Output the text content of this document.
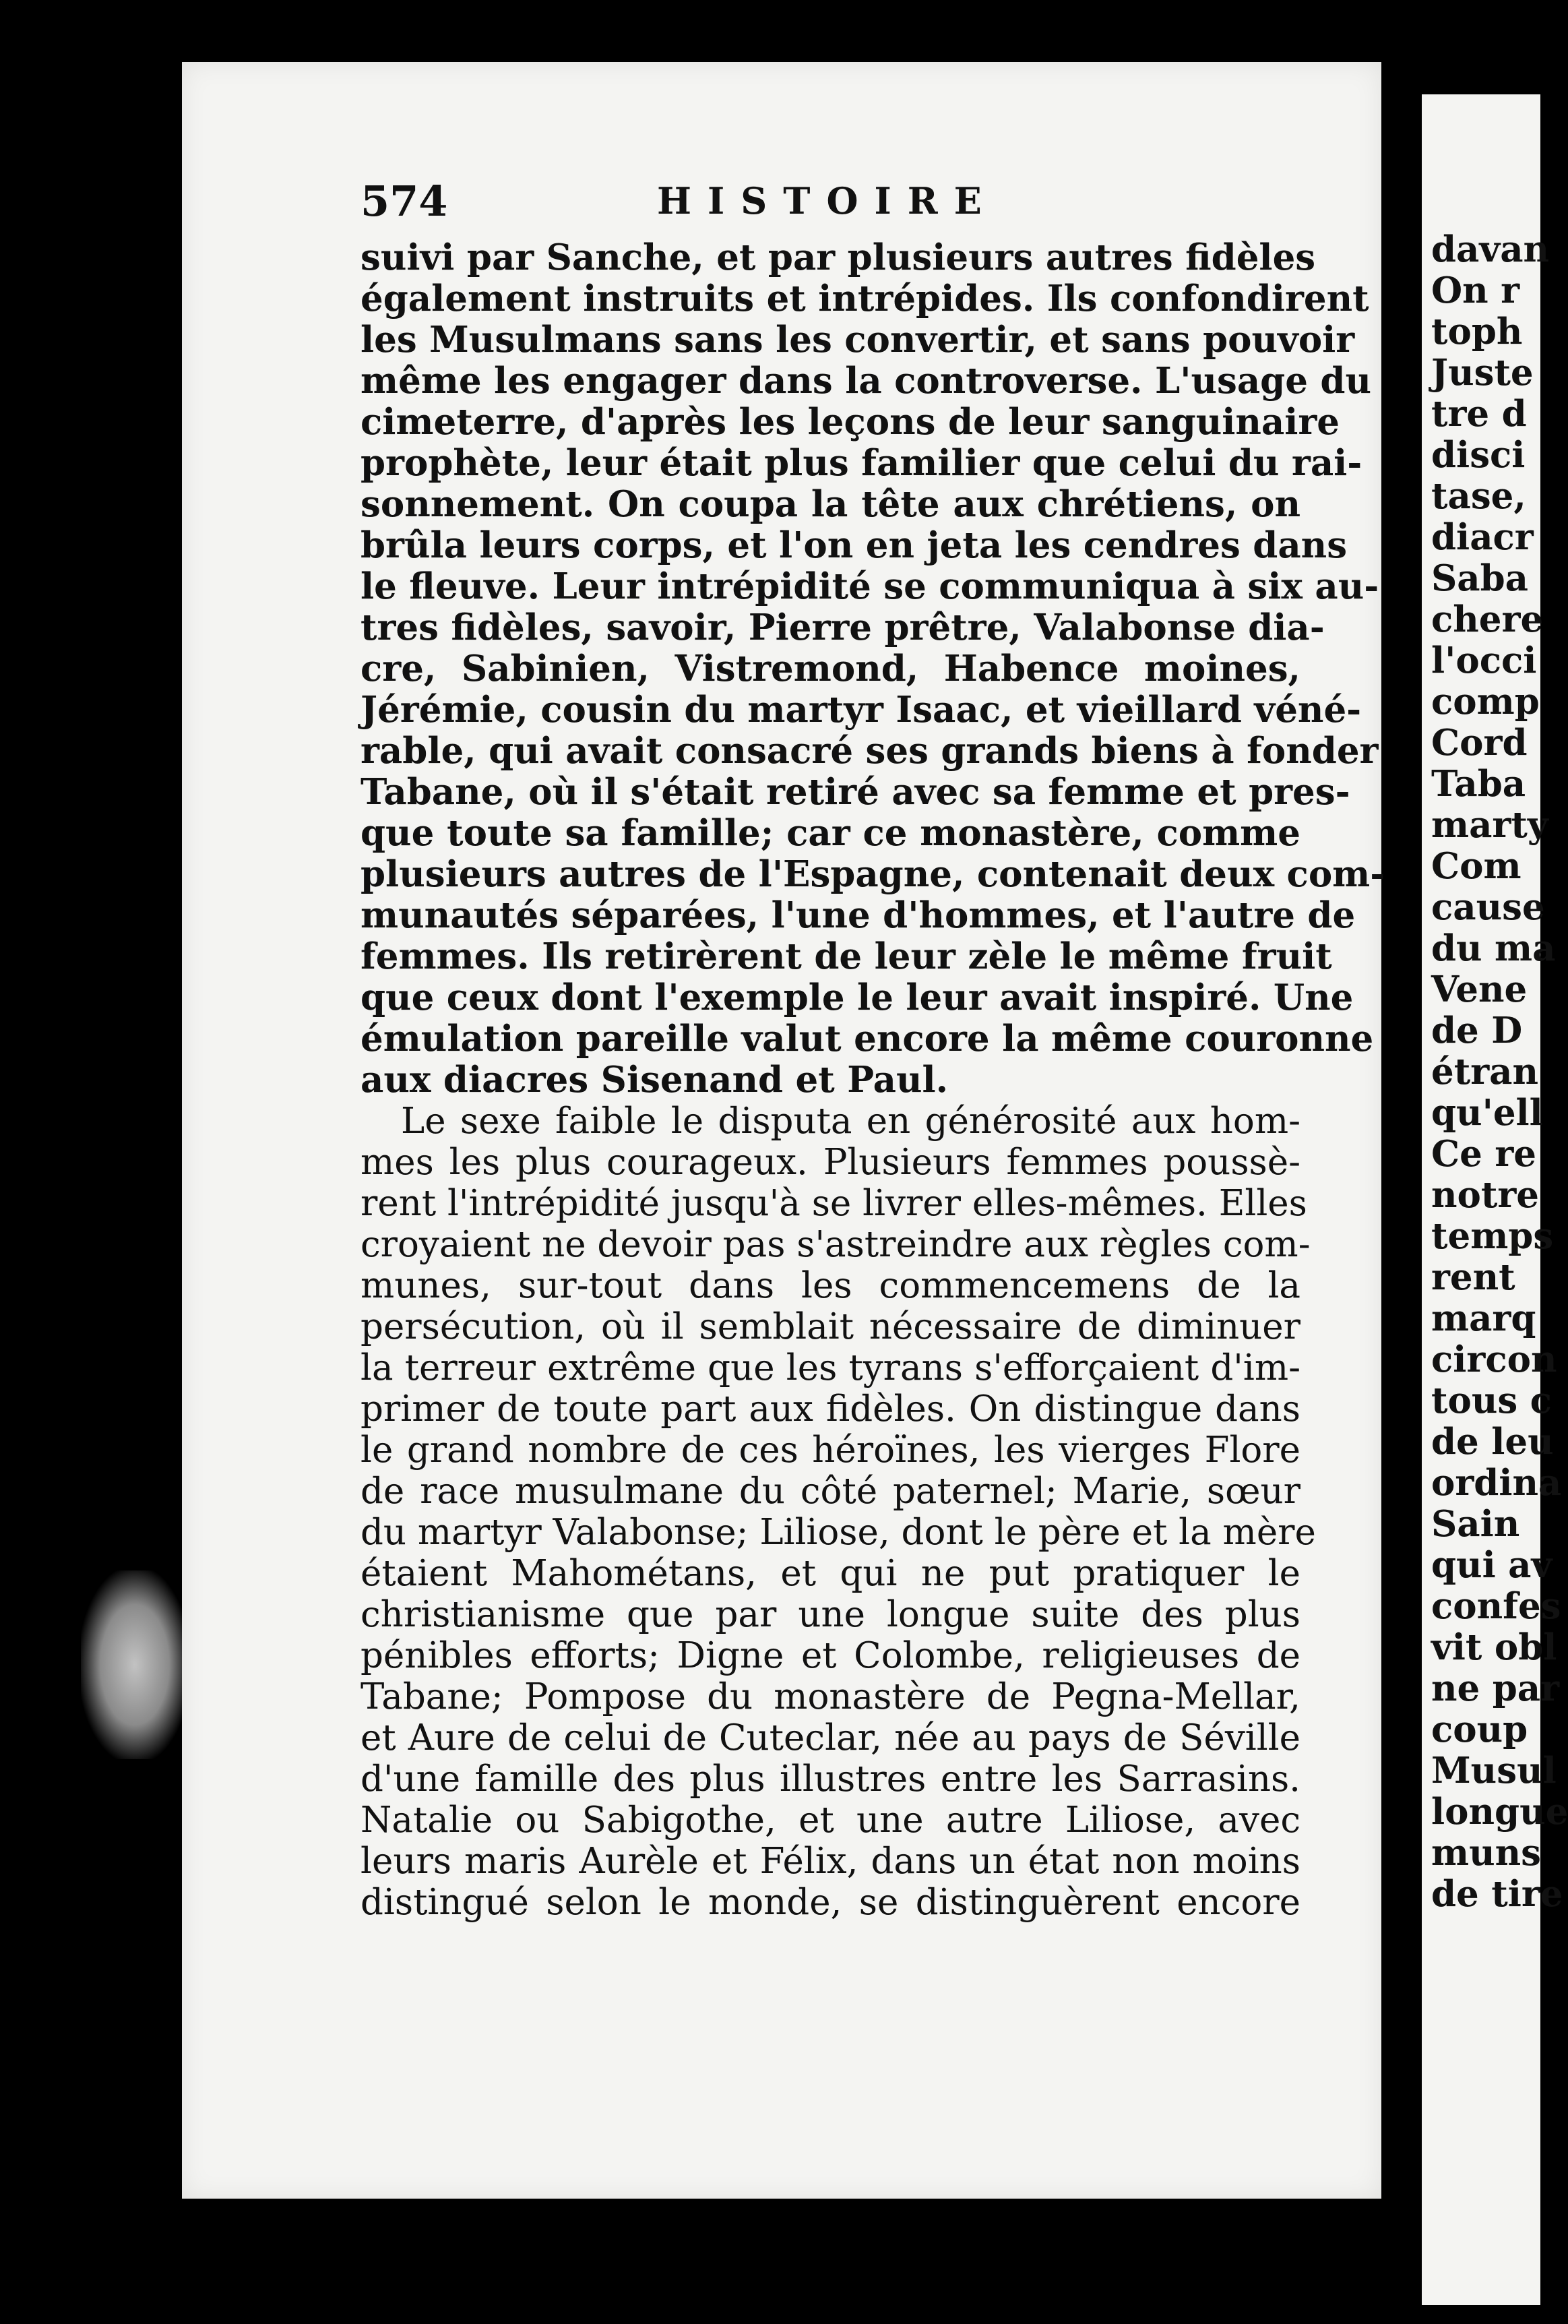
574	HISTOIRE
suivi par Sanche, et par plusieurs autres fidèles
également instruits et intrépides. Ils confondirent
les Musulmans sans les convertir, et sans pouvoir
même les engager dans la controverse. L'usage du
cimeterre, d'après les leçons de leur sanguinaire
prophète, leur était plus familier que celui du rai-
sonnement. On coupa la tête aux chrétiens, on
brûla leurs corps, et l'on en jeta les cendres dans
le fleuve. Leur intrépidité se communiqua à six au-
tres fidèles, savoir, Pierre prêtre, Valabonse dia-
cre, Sabinien, Vistremond, Habence moines,
Jérémie, cousin du martyr Isaac, et vieillard véné-
rable, qui avait consacré ses grands biens à fonder
Tabane, où il s'était retiré avec sa femme et pres-
que toute sa famille; car ce monastère, comme
plusieurs autres de l'Espagne, contenait deux com-
munautés séparées, l'une d'hommes, et l'autre de
femmes. Ils retirèrent de leur zèle le même fruit
que ceux dont l'exemple le leur avait inspiré. Une
émulation pareille valut encore la même couronne
aux diacres Sisenand et Paul.
Le sexe faible le disputa en générosité aux hom-
mes les plus courageux. Plusieurs femmes poussè-
rent l'intrépidité jusqu'à se livrer elles-mêmes. Elles
croyaient ne devoir pas s'astreindre aux règles com-
munes, sur-tout dans les commencemens de la
persécution, où il semblait nécessaire de diminuer
la terreur extrême que les tyrans s'efforçaient d'im-
primer de toute part aux fidèles. On distingue dans
le grand nombre de ces héroïnes, les vierges Flore
de race musulmane du côté paternel; Marie, sœur
du martyr Valabonse; Liliose, dont le père et la mère
étaient Mahométans, et qui ne put pratiquer le
christianisme que par une longue suite des plus
pénibles efforts; Digne et Colombe, religieuses de
Tabane; Pompose du monastère de Pegna-Mellar,
et Aure de celui de Cuteclar, née au pays de Séville
d'une famille des plus illustres entre les Sarrasins.
Natalie ou Sabigothe, et une autre Liliose, avec
leurs maris Aurèle et Félix, dans un état non moins
distingué selon le monde, se distinguèrent encore
davan
On r
toph
Juste
tre d
disci
tase,
diacr
Saba
chere
l'occi
comp
Cord
Taba
marty
Com
cause
du ma
Vene
de D
étran
qu'ell
Ce re
notre
temps
rent
marq
circon
tous c
de leu
ordina
Sain
qui av
confes
vit obl
ne par
coup
Musul
longue
muns
de tire
